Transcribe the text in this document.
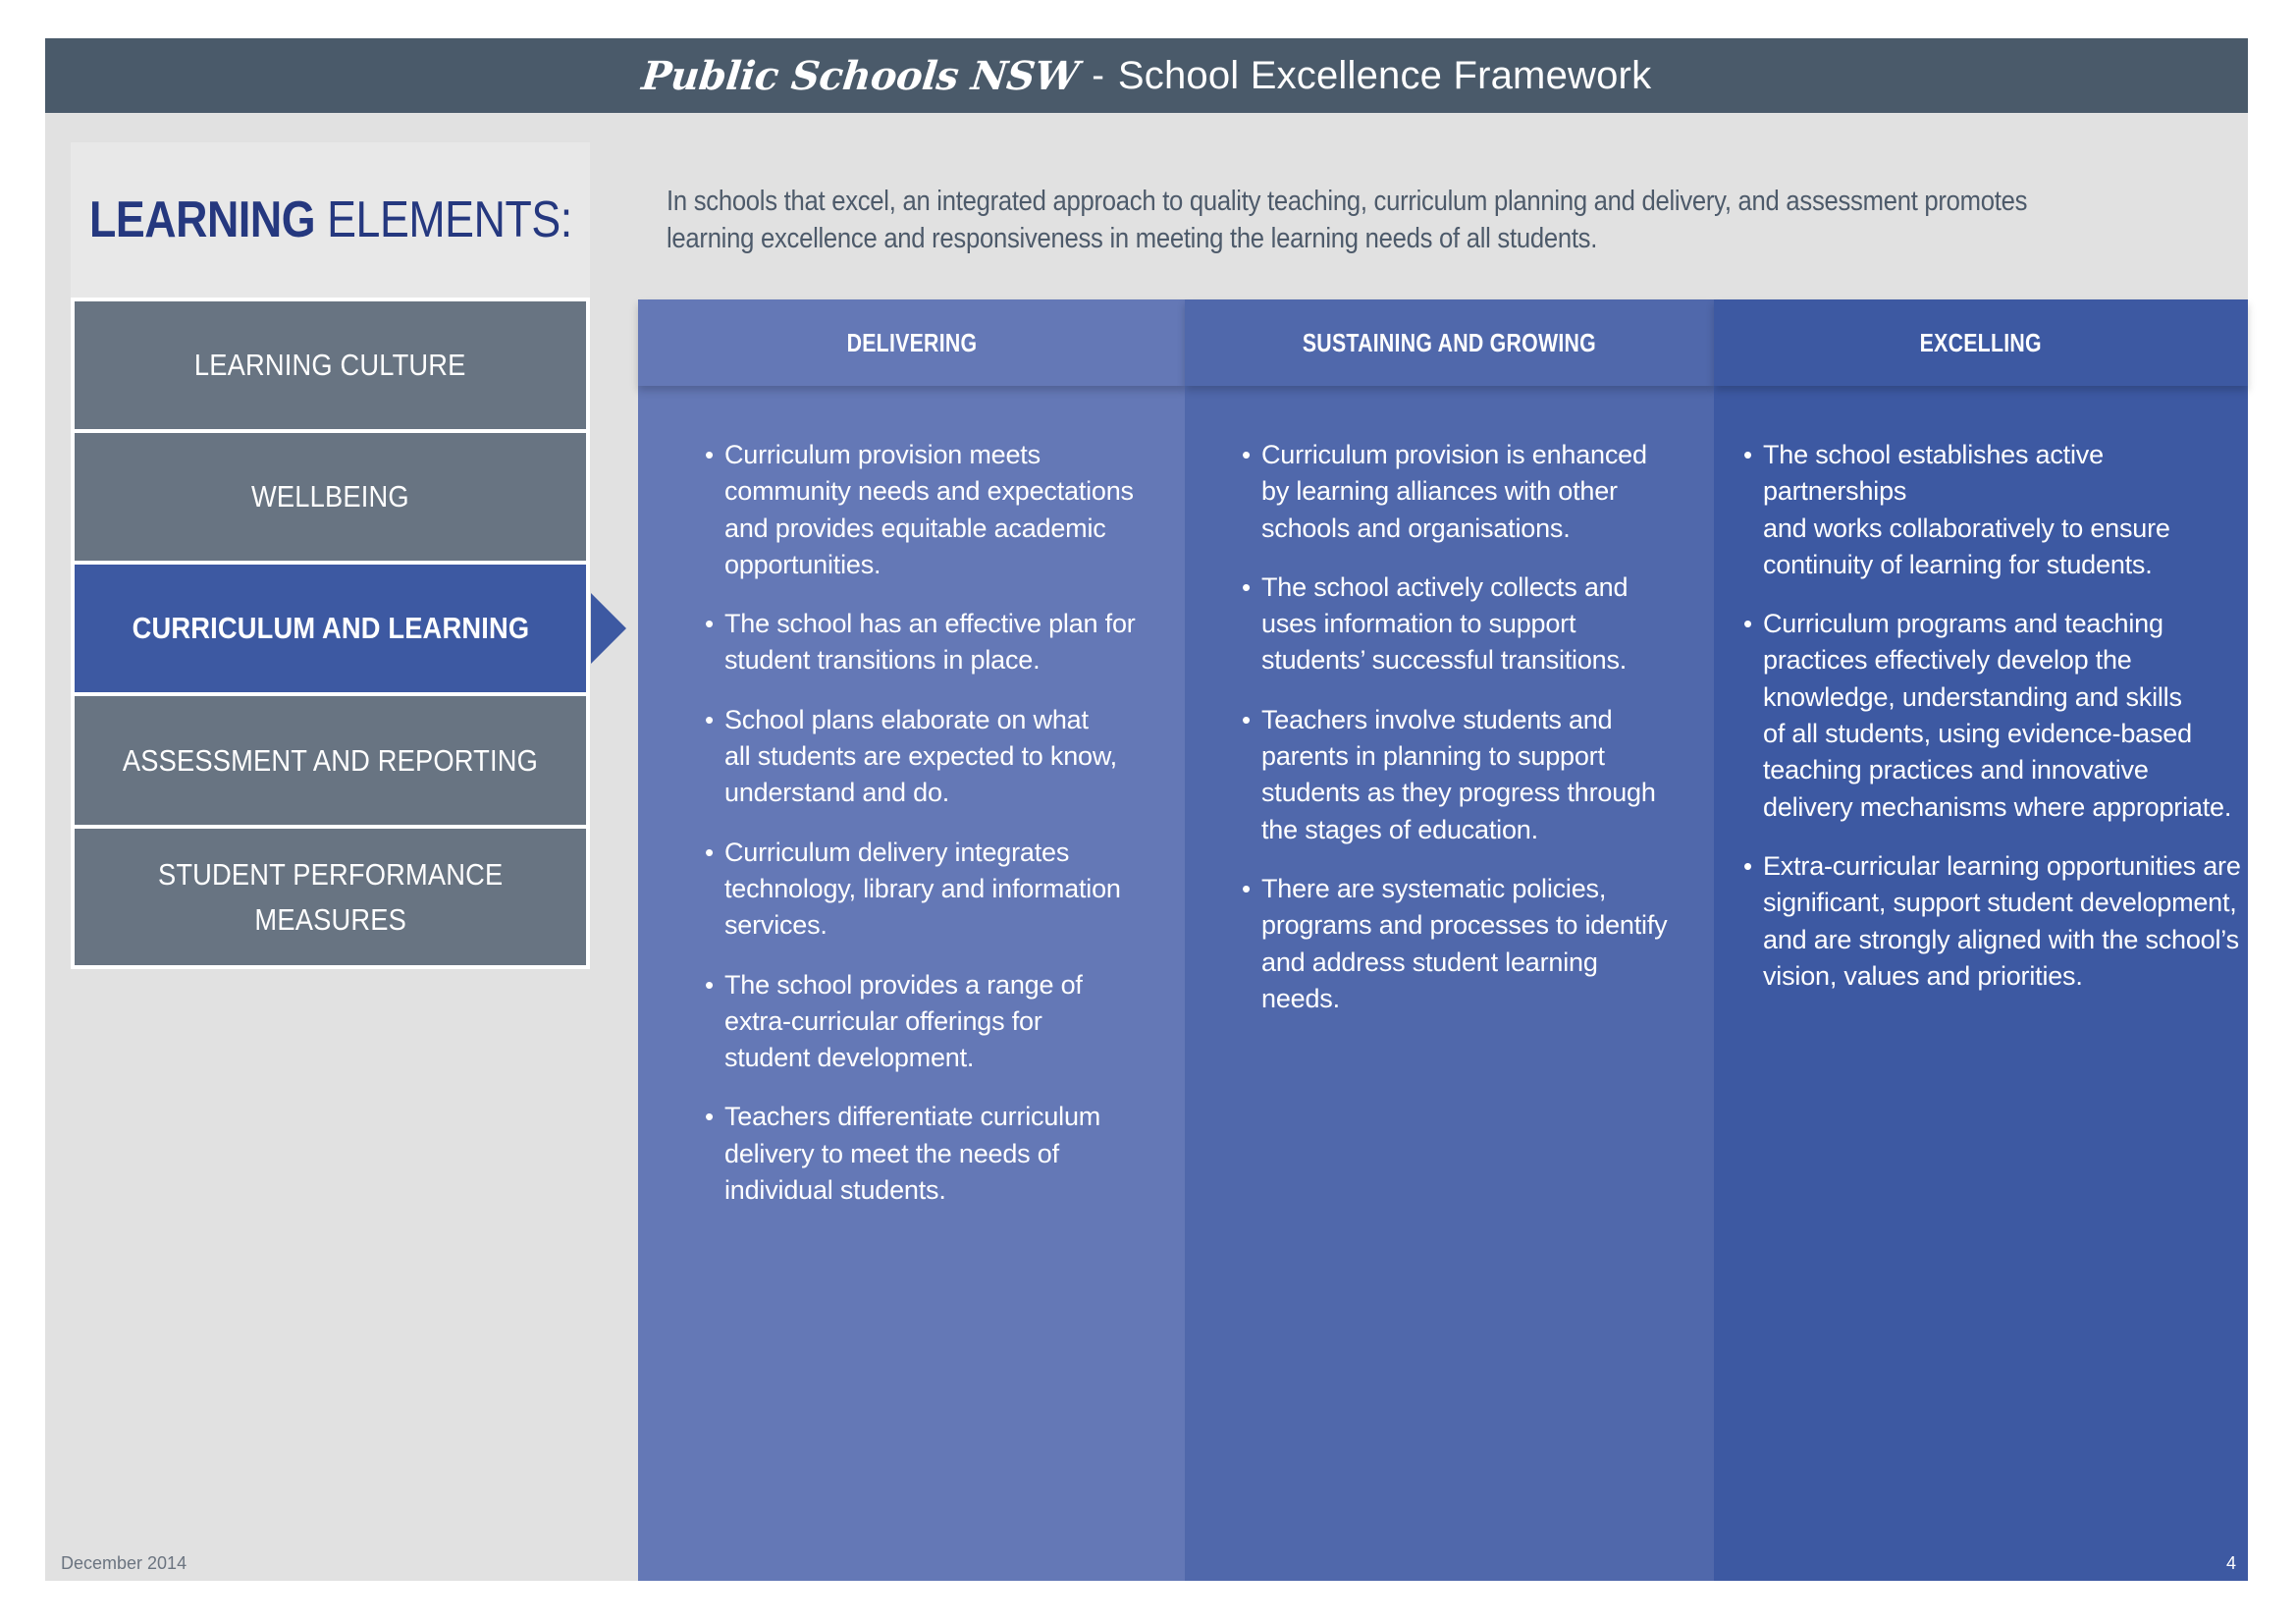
Public Schools NSW - School Excellence Framework
LEARNING ELEMENTS:
LEARNING CULTURE
WELLBEING
CURRICULUM AND LEARNING
ASSESSMENT AND REPORTING
STUDENT PERFORMANCE
MEASURES
In schools that excel, an integrated approach to quality teaching, curriculum planning and delivery, and assessment promotes
learning excellence and responsiveness in meeting the learning needs of all students.
DELIVERING
• Curriculum provision meets
community needs and expectations
and provides equitable academic
opportunities.
• The school has an effective plan for
student transitions in place.
• School plans elaborate on what
all students are expected to know,
understand and do.
• Curriculum delivery integrates
technology, library and information
services.
• The school provides a range of
extra-curricular offerings for
student development.
• Teachers differentiate curriculum
delivery to meet the needs of
individual students.
SUSTAINING AND GROWING
• Curriculum provision is enhanced
by learning alliances with other
schools and organisations.
• The school actively collects and
uses information to support
students’ successful transitions.
• Teachers involve students and
parents in planning to support
students as they progress through
the stages of education.
• There are systematic policies,
programs and processes to identify
and address student learning
needs.
EXCELLING
• The school establishes active partnerships
and works collaboratively to ensure
continuity of learning for students.
• Curriculum programs and teaching
practices effectively develop the
knowledge, understanding and skills
of all students, using evidence-based
teaching practices and innovative
delivery mechanisms where appropriate.
• Extra-curricular learning opportunities are
significant, support student development,
and are strongly aligned with the school’s
vision, values and priorities.
December 2014	4
